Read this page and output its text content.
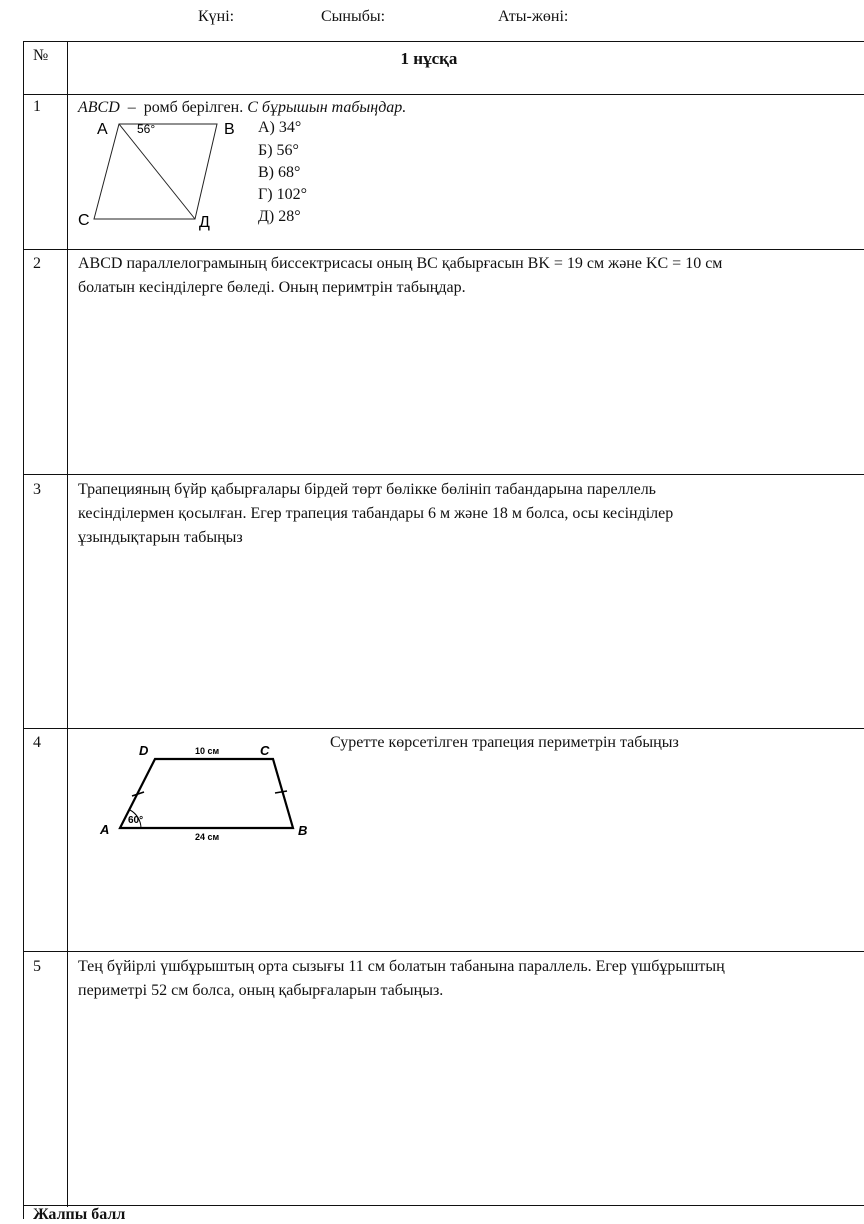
Күні:	Сыныбы:	Аты-жөні:
№	1 нұсқа
1 ABCD – ромб берілген. С бұрышын табыңдар.
А	В
С	Д
56°	А) 34°
Б) 56°
В) 68°
Г) 102°
Д) 28°
2 ABCD параллелограмының биссектрисасы оның BC қабырғасын BK = 19 см және KC = 10 см
болатын кесінділерге бөледі. Оның перимтрін табыңдар.
3 Трапецияның бүйр қабырғалары бірдей төрт бөлікке бөлініп табандарына пареллель
кесінділермен қосылған. Егер трапеция табандары 6 м және 18 м болса, осы кесінділер
ұзындықтарын табыңыз
4	Суретте көрсетілген трапеция периметрін табыңыз
D	C
A	B
10 см
24 см
60°
5 Тең бүйірлі үшбұрыштың орта сызығы 11 см болатын табанына параллель. Егер үшбұрыштың
периметрі 52 см болса, оның қабырғаларын табыңыз.
Жалпы балл
